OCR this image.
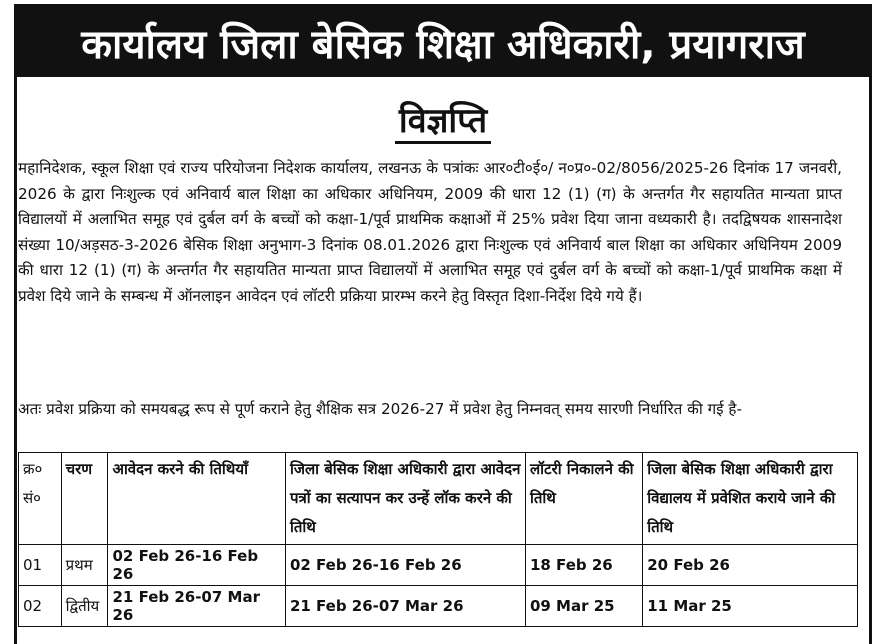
कार्यालय जिला बेसिक शिक्षा अधिकारी, प्रयागराज
विज्ञप्ति
महानिदेशक, स्कूल शिक्षा एवं राज्य परियोजना निदेशक कार्यालय, लखनऊ के पत्रांकः आर०टी०ई०/ न०प्र०-02/8056/2025-26 दिनांक 17 जनवरी, 2026 के द्वारा निःशुल्क एवं अनिवार्य बाल शिक्षा का अधिकार अधिनियम, 2009 की धारा 12 (1) (ग) के अन्तर्गत गैर सहायतित मान्यता प्राप्त विद्यालयों में अलाभित समूह एवं दुर्बल वर्ग के बच्चों को कक्षा-1/पूर्व प्राथमिक कक्षाओं में 25% प्रवेश दिया जाना वध्यकारी है। तदद्विषयक शासनादेश संख्या 10/अड़सठ-3-2026 बेसिक शिक्षा अनुभाग-3 दिनांक 08.01.2026 द्वारा निःशुल्क एवं अनिवार्य बाल शिक्षा का अधिकार अधिनियम 2009 की धारा 12 (1) (ग) के अन्तर्गत गैर सहायतित मान्यता प्राप्त विद्यालयों में अलाभित समूह एवं दुर्बल वर्ग के बच्चों को कक्षा-1/पूर्व प्राथमिक कक्षा में प्रवेश दिये जाने के सम्बन्ध में ऑनलाइन आवेदन एवं लॉटरी प्रक्रिया प्रारम्भ करने हेतु विस्तृत दिशा-निर्देश दिये गये हैं।
अतः प्रवेश प्रक्रिया को समयबद्ध रूप से पूर्ण कराने हेतु शैक्षिक सत्र 2026-27 में प्रवेश हेतु निम्नवत् समय सारणी निर्धारित की गई है-
क्र० सं०	चरण	आवेदन करने की तिथियाँ	जिला बेसिक शिक्षा अधिकारी द्वारा आवेदन पत्रों का सत्यापन कर उन्हें लॉक करने की तिथि	लॉटरी निकालने की तिथि	जिला बेसिक शिक्षा अधिकारी द्वारा विद्यालय में प्रवेशित कराये जाने की तिथि
01	प्रथम	02 Feb 26-16 Feb 26	02 Feb 26-16 Feb 26	18 Feb 26	20 Feb 26
02	द्वितीय	21 Feb 26-07 Mar 26	21 Feb 26-07 Mar 26	09 Mar 25	11 Mar 25
